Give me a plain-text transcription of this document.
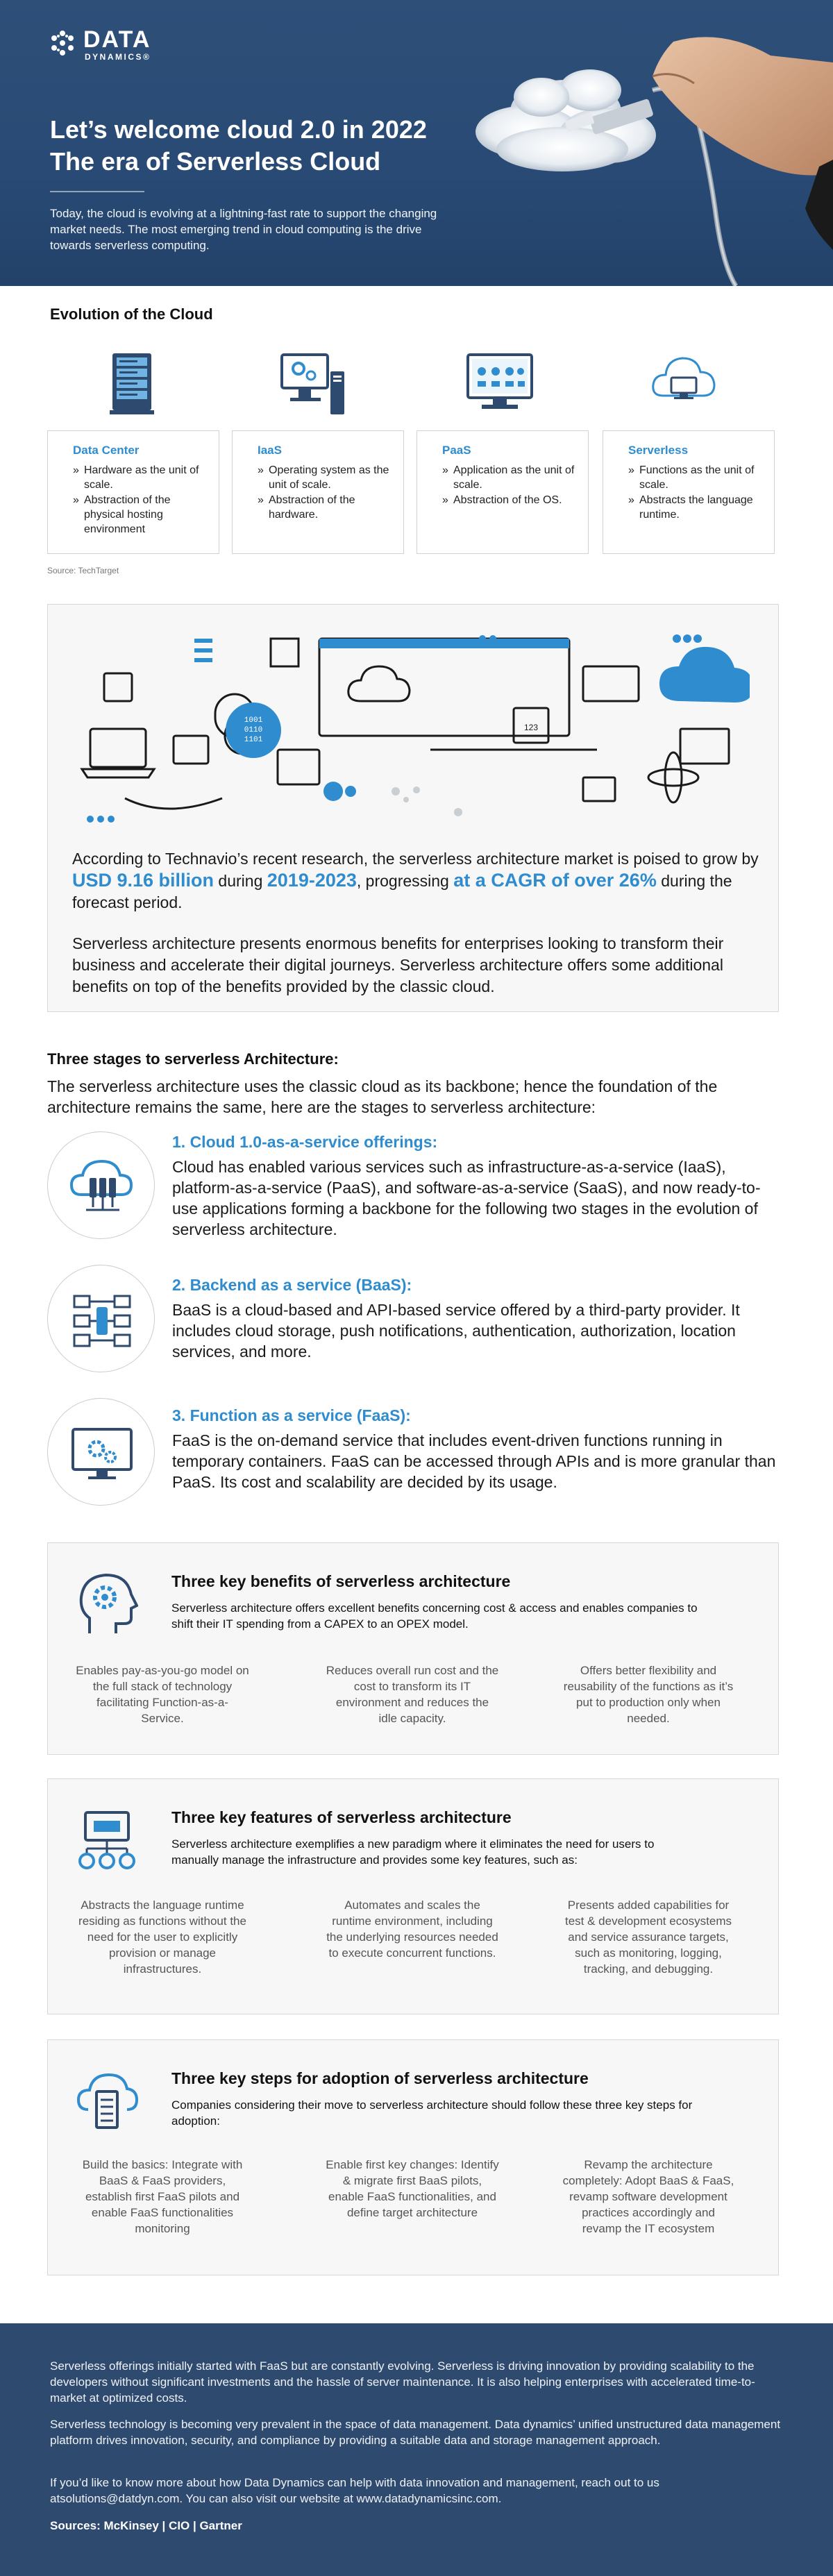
DATA
DYNAMICS®
Let’s welcome cloud 2.0 in 2022
The era of Serverless Cloud

Today, the cloud is evolving at a lightning-fast rate to support the changing market needs. The most emerging trend in cloud computing is the drive towards serverless computing.

Evolution of the Cloud
Data Center
» Hardware as the unit of scale.
» Abstraction of the physical hosting environment
IaaS
» Operating system as the unit of scale.
» Abstraction of the hardware.
PaaS
» Application as the unit of scale.
» Abstraction of the OS.
Serverless
» Functions as the unit of scale.
» Abstracts the language runtime.
Source: TechTarget
1001
0110
1101
123

According to Technavio’s recent research, the serverless architecture market is poised to grow by USD 9.16 billion during 2019-2023, progressing at a CAGR of over 26% during the forecast period.

Serverless architecture presents enormous benefits for enterprises looking to transform their business and accelerate their digital journeys. Serverless architecture offers some additional benefits on top of the benefits provided by the classic cloud.

Three stages to serverless Architecture:

The serverless architecture uses the classic cloud as its backbone; hence the foundation of the architecture remains the same, here are the stages to serverless architecture:

1. Cloud 1.0-as-a-service offerings:

Cloud has enabled various services such as infrastructure-as-a-service (IaaS), platform-as-a-service (PaaS), and software-as-a-service (SaaS), and now ready-to-use applications forming a backbone for the following two stages in the evolution of serverless architecture.

2. Backend as a service (BaaS):

BaaS is a cloud-based and API-based service offered by a third-party provider. It includes cloud storage, push notifications, authentication, authorization, location services, and more.

3. Function as a service (FaaS):

FaaS is the on-demand service that includes event-driven functions running in temporary containers. FaaS can be accessed through APIs and is more granular than PaaS. Its cost and scalability are decided by its usage.

Three key benefits of serverless architecture

Serverless architecture offers excellent benefits concerning cost & access and enables companies to shift their IT spending from a CAPEX to an OPEX model.

Enables pay-as-you-go model on the full stack of technology facilitating Function-as-a-Service.

Reduces overall run cost and the cost to transform its IT environment and reduces the idle capacity.

Offers better flexibility and reusability of the functions as it’s put to production only when needed.

Three key features of serverless architecture

Serverless architecture exemplifies a new paradigm where it eliminates the need for users to manually manage the infrastructure and provides some key features, such as:

Abstracts the language runtime residing as functions without the need for the user to explicitly provision or manage infrastructures.

Automates and scales the runtime environment, including the underlying resources needed to execute concurrent functions.

Presents added capabilities for test & development ecosystems and service assurance targets, such as monitoring, logging, tracking, and debugging.

Three key steps for adoption of serverless architecture

Companies considering their move to serverless architecture should follow these three key steps for adoption:

Build the basics: Integrate with BaaS & FaaS providers, establish first FaaS pilots and enable FaaS functionalities monitoring

Enable first key changes: Identify & migrate first BaaS pilots, enable FaaS functionalities, and define target architecture

Revamp the architecture completely: Adopt BaaS & FaaS, revamp software development practices accordingly and revamp the IT ecosystem

Serverless offerings initially started with FaaS but are constantly evolving. Serverless is driving innovation by providing scalability to the developers without significant investments and the hassle of server maintenance. It is also helping enterprises with accelerated time-to-market at optimized costs.

Serverless technology is becoming very prevalent in the space of data management. Data dynamics’ unified unstructured data management platform drives innovation, security, and compliance by providing a suitable data and storage management approach.

If you’d like to know more about how Data Dynamics can help with data innovation and management, reach out to us atsolutions@datdyn.com. You can also visit our website at www.datadynamicsinc.com.

Sources: McKinsey | CIO | Gartner
